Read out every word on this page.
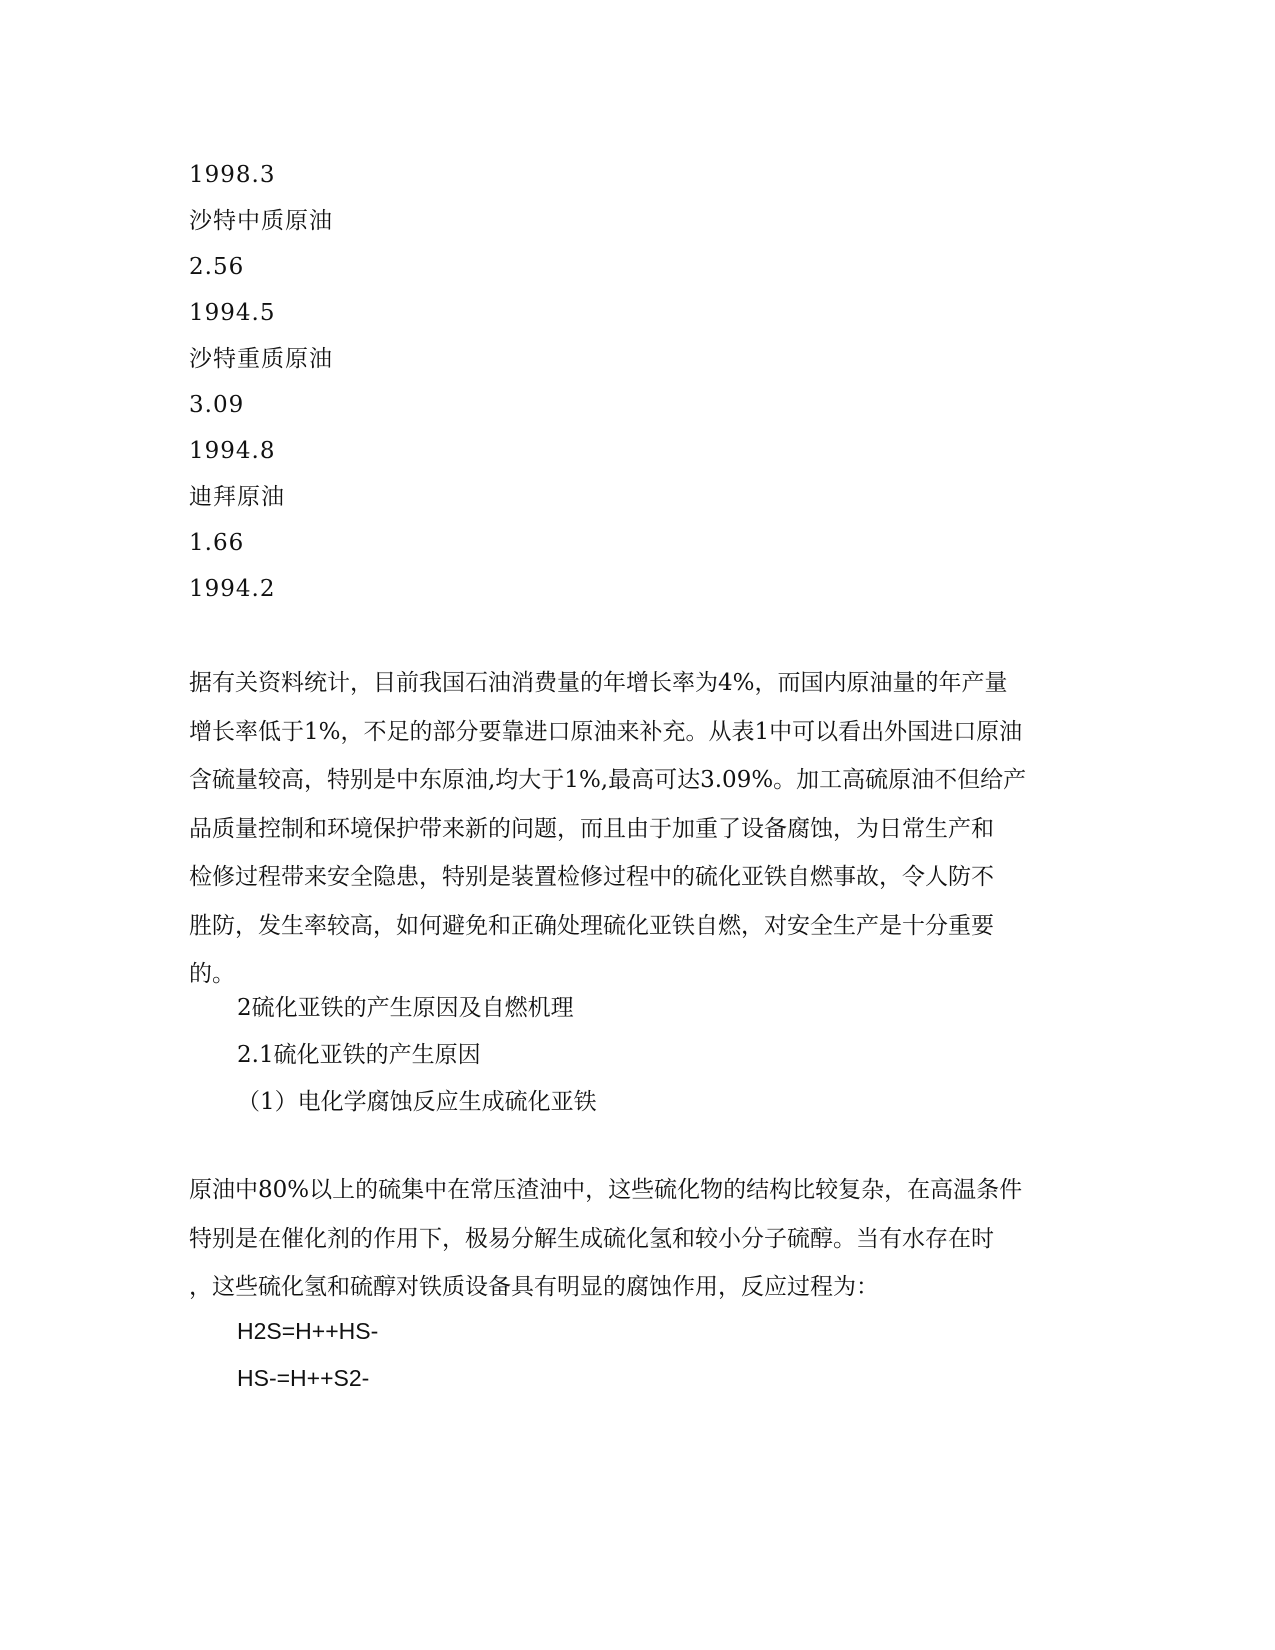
1998.3
沙特中质原油
2.56
1994.5
沙特重质原油
3.09
1994.8
迪拜原油
1.66
1994.2
据有关资料统计，目前我国石油消费量的年增长率为4%，而国内原油量的年产量
增长率低于1%，不足的部分要靠进口原油来补充。从表1中可以看出外国进口原油
含硫量较高，特别是中东原油,均大于1%,最高可达3.09%。加工高硫原油不但给产
品质量控制和环境保护带来新的问题，而且由于加重了设备腐蚀，为日常生产和
检修过程带来安全隐患，特别是装置检修过程中的硫化亚铁自燃事故，令人防不
胜防，发生率较高，如何避免和正确处理硫化亚铁自燃，对安全生产是十分重要
的。
2硫化亚铁的产生原因及自燃机理
2.1硫化亚铁的产生原因
（1）电化学腐蚀反应生成硫化亚铁
原油中80%以上的硫集中在常压渣油中，这些硫化物的结构比较复杂，在高温条件
特别是在催化剂的作用下，极易分解生成硫化氢和较小分子硫醇。当有水存在时
，这些硫化氢和硫醇对铁质设备具有明显的腐蚀作用，反应过程为：
H2S=H++HS-
HS-=H++S2-
